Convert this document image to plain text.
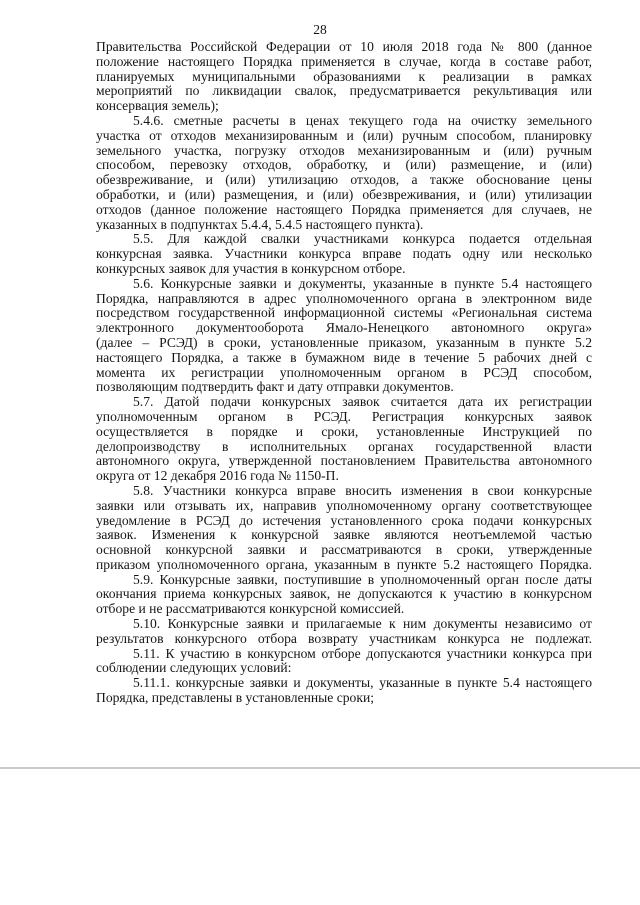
28
Правительства Российской Федерации от 10 июля 2018 года № 800 (данное
положение настоящего Порядка применяется в случае, когда в составе работ,
планируемых муниципальными образованиями к реализации в рамках
мероприятий по ликвидации свалок, предусматривается рекультивация или
консервация земель);
5.4.6. сметные расчеты в ценах текущего года на очистку земельного
участка от отходов механизированным и (или) ручным способом, планировку
земельного участка, погрузку отходов механизированным и (или) ручным
способом, перевозку отходов, обработку, и (или) размещение, и (или)
обезвреживание, и (или) утилизацию отходов, а также обоснование цены
обработки, и (или) размещения, и (или) обезвреживания, и (или) утилизации
отходов (данное положение настоящего Порядка применяется для случаев, не
указанных в подпунктах 5.4.4, 5.4.5 настоящего пункта).
5.5. Для каждой свалки участниками конкурса подается отдельная
конкурсная заявка. Участники конкурса вправе подать одну или несколько
конкурсных заявок для участия в конкурсном отборе.
5.6. Конкурсные заявки и документы, указанные в пункте 5.4 настоящего
Порядка, направляются в адрес уполномоченного органа в электронном виде
посредством государственной информационной системы «Региональная система
электронного документооборота Ямало-Ненецкого автономного округа»
(далее – РСЭД) в сроки, установленные приказом, указанным в пункте 5.2
настоящего Порядка, а также в бумажном виде в течение 5 рабочих дней с
момента их регистрации уполномоченным органом в РСЭД способом,
позволяющим подтвердить факт и дату отправки документов.
5.7. Датой подачи конкурсных заявок считается дата их регистрации
уполномоченным органом в РСЭД. Регистрация конкурсных заявок
осуществляется в порядке и сроки, установленные Инструкцией по
делопроизводству в исполнительных органах государственной власти
автономного округа, утвержденной постановлением Правительства автономного
округа от 12 декабря 2016 года № 1150-П.
5.8. Участники конкурса вправе вносить изменения в свои конкурсные
заявки или отзывать их, направив уполномоченному органу соответствующее
уведомление в РСЭД до истечения установленного срока подачи конкурсных
заявок. Изменения к конкурсной заявке являются неотъемлемой частью
основной конкурсной заявки и рассматриваются в сроки, утвержденные
приказом уполномоченного органа, указанным в пункте 5.2 настоящего Порядка.
5.9. Конкурсные заявки, поступившие в уполномоченный орган после даты
окончания приема конкурсных заявок, не допускаются к участию в конкурсном
отборе и не рассматриваются конкурсной комиссией.
5.10. Конкурсные заявки и прилагаемые к ним документы независимо от
результатов конкурсного отбора возврату участникам конкурса не подлежат.
5.11. К участию в конкурсном отборе допускаются участники конкурса при
соблюдении следующих условий:
5.11.1. конкурсные заявки и документы, указанные в пункте 5.4 настоящего
Порядка, представлены в установленные сроки;
